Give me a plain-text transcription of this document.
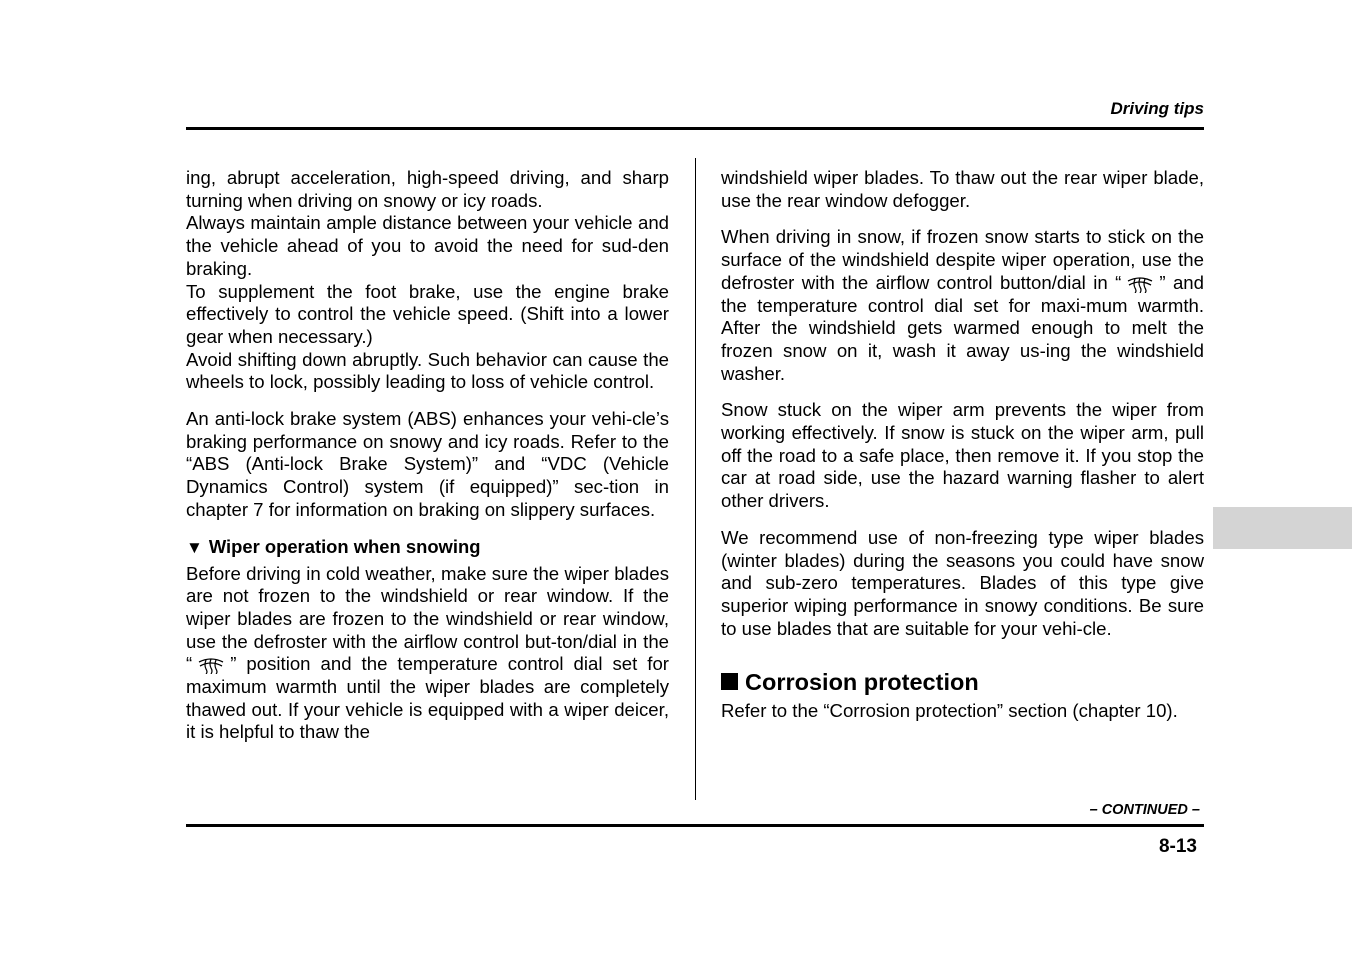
Driving tips

ing, abrupt acceleration, high-speed driving, and sharp turning when driving on snowy or icy roads.

Always maintain ample distance between your vehicle and the vehicle ahead of you to avoid the need for sud-den braking.

To supplement the foot brake, use the engine brake effectively to control the vehicle speed. (Shift into a lower gear when necessary.)

Avoid shifting down abruptly. Such behavior can cause the wheels to lock, possibly leading to loss of vehicle control.

An anti-lock brake system (ABS) enhances your vehi-cle’s braking performance on snowy and icy roads. Refer to the “ABS (Anti-lock Brake System)” and “VDC (Vehicle Dynamics Control) system (if equipped)” sec-tion in chapter 7 for information on braking on slippery surfaces.

▼ Wiper operation when snowing

Before driving in cold weather, make sure the wiper blades are not frozen to the windshield or rear window. If the wiper blades are frozen to the windshield or rear window, use the defroster with the airflow control but-ton/dial in the “ ” position and the temperature control dial set for maximum warmth until the wiper blades are completely thawed out. If your vehicle is equipped with a wiper deicer, it is helpful to thaw the

windshield wiper blades. To thaw out the rear wiper blade, use the rear window defogger.

When driving in snow, if frozen snow starts to stick on the surface of the windshield despite wiper operation, use the defroster with the airflow control button/dial in “ ” and the temperature control dial set for maxi-mum warmth. After the windshield gets warmed enough to melt the frozen snow on it, wash it away us-ing the windshield washer.

Snow stuck on the wiper arm prevents the wiper from working effectively. If snow is stuck on the wiper arm, pull off the road to a safe place, then remove it. If you stop the car at road side, use the hazard warning flasher to alert other drivers.

We recommend use of non-freezing type wiper blades (winter blades) during the seasons you could have snow and sub-zero temperatures. Blades of this type give superior wiping performance in snowy conditions. Be sure to use blades that are suitable for your vehi-cle.

Corrosion protection

Refer to the “Corrosion protection” section (chapter 10).

– CONTINUED –
8-13
